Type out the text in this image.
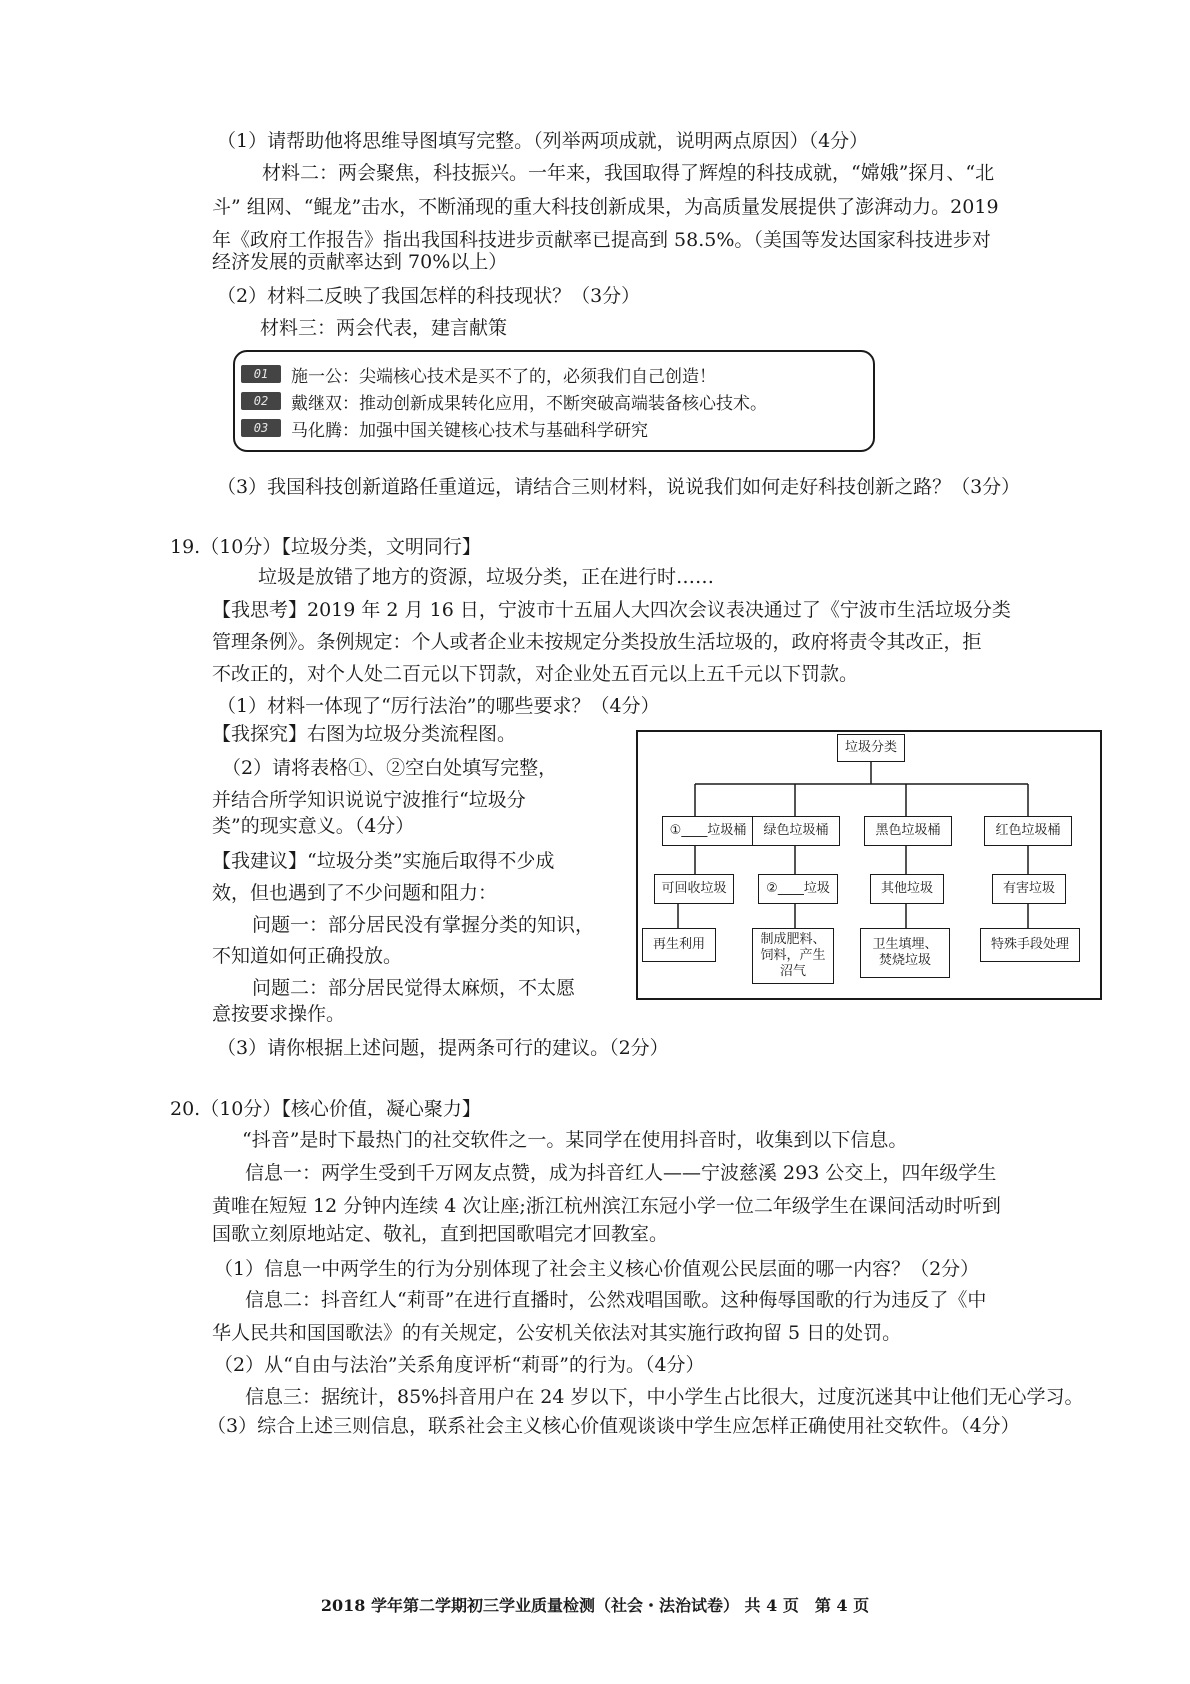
（1）请帮助他将思维导图填写完整。（列举两项成就，说明两点原因）（4分）
材料二：两会聚焦，科技振兴。一年来，我国取得了辉煌的科技成就，“嫦娥”探月、“北
斗” 组网、“鲲龙”击水，不断涌现的重大科技创新成果，为高质量发展提供了澎湃动力。2019
年《政府工作报告》指出我国科技进步贡献率已提高到 58.5%。（美国等发达国家科技进步对
经济发展的贡献率达到 70%以上）
（2）材料二反映了我国怎样的科技现状？（3分）
材料三：两会代表，建言献策
01	施一公：尖端核心技术是买不了的，必须我们自己创造！
02	戴继双：推动创新成果转化应用，不断突破高端装备核心技术。
03	马化腾：加强中国关键核心技术与基础科学研究
（3）我国科技创新道路任重道远，请结合三则材料，说说我们如何走好科技创新之路？（3分）
19.（10分）【垃圾分类，文明同行】
垃圾是放错了地方的资源，垃圾分类，正在进行时……
【我思考】2019 年 2 月 16 日，宁波市十五届人大四次会议表决通过了《宁波市生活垃圾分类
管理条例》。条例规定：个人或者企业未按规定分类投放生活垃圾的，政府将责令其改正，拒
不改正的，对个人处二百元以下罚款，对企业处五百元以上五千元以下罚款。
（1）材料一体现了“厉行法治”的哪些要求？（4分）
【我探究】右图为垃圾分类流程图。
（2）请将表格①、②空白处填写完整，
并结合所学知识说说宁波推行“垃圾分
类”的现实意义。（4分）
【我建议】“垃圾分类”实施后取得不少成
效，但也遇到了不少问题和阻力：
问题一：部分居民没有掌握分类的知识，
不知道如何正确投放。
问题二：部分居民觉得太麻烦，不太愿
意按要求操作。
（3）请你根据上述问题，提两条可行的建议。（2分）
垃圾分类
①____垃圾桶	绿色垃圾桶	黑色垃圾桶	红色垃圾桶
可回收垃圾	②____垃圾	其他垃圾	有害垃圾
再生利用	制成肥料、饲料，产生沼气
卫生填埋、焚烧垃圾
特殊手段处理
20.（10分）【核心价值，凝心聚力】
“抖音”是时下最热门的社交软件之一。某同学在使用抖音时，收集到以下信息。
信息一：两学生受到千万网友点赞，成为抖音红人——宁波慈溪 293 公交上，四年级学生
黄唯在短短 12 分钟内连续 4 次让座;浙江杭州滨江东冠小学一位二年级学生在课间活动时听到
国歌立刻原地站定、敬礼，直到把国歌唱完才回教室。
（1）信息一中两学生的行为分别体现了社会主义核心价值观公民层面的哪一内容？（2分）
信息二：抖音红人“莉哥”在进行直播时，公然戏唱国歌。这种侮辱国歌的行为违反了《中
华人民共和国国歌法》的有关规定，公安机关依法对其实施行政拘留 5 日的处罚。
（2）从“自由与法治”关系角度评析“莉哥”的行为。（4分）
信息三：据统计，85%抖音用户在 24 岁以下，中小学生占比很大，过度沉迷其中让他们无心学习。
（3）综合上述三则信息，联系社会主义核心价值观谈谈中学生应怎样正确使用社交软件。（4分）
2018 学年第二学期初三学业质量检测（社会・法治试卷） 共 4 页　第 4 页
